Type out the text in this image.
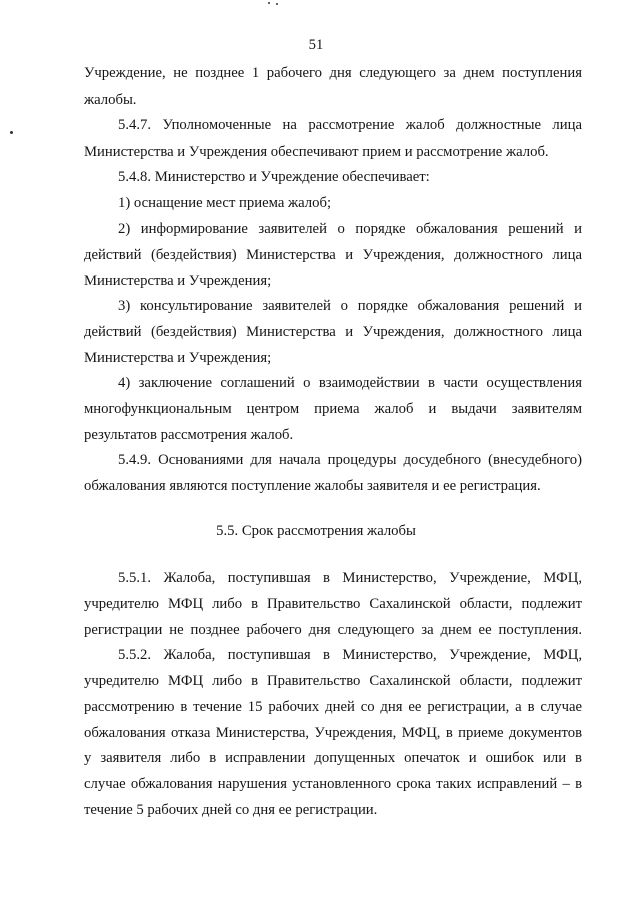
51

Учреждение, не позднее 1 рабочего дня следующего за днем поступления

жалобы.

5.4.7. Уполномоченные на рассмотрение жалоб должностные лица

Министерства и Учреждения обеспечивают прием и рассмотрение жалоб.

5.4.8. Министерство и Учреждение обеспечивает:

1) оснащение мест приема жалоб;

2) информирование заявителей о порядке обжалования решений и

действий (бездействия) Министерства и Учреждения, должностного лица

Министерства и Учреждения;

3) консультирование заявителей о порядке обжалования решений и

действий (бездействия) Министерства и Учреждения, должностного лица

Министерства и Учреждения;

4) заключение соглашений о взаимодействии в части осуществления

многофункциональным центром приема жалоб и выдачи заявителям

результатов рассмотрения жалоб.

5.4.9. Основаниями для начала процедуры досудебного (внесудебного)

обжалования являются поступление жалобы заявителя и ее регистрация.

5.5. Срок рассмотрения жалобы

5.5.1. Жалоба, поступившая в Министерство, Учреждение, МФЦ,

учредителю МФЦ либо в Правительство Сахалинской области, подлежит

регистрации не позднее рабочего дня следующего за днем ее поступления.

5.5.2. Жалоба, поступившая в Министерство, Учреждение, МФЦ,

учредителю МФЦ либо в Правительство Сахалинской области, подлежит

рассмотрению в течение 15 рабочих дней со дня ее регистрации, а в случае

обжалования отказа Министерства, Учреждения, МФЦ, в приеме документов

у заявителя либо в исправлении допущенных опечаток и ошибок или в

случае обжалования нарушения установленного срока таких исправлений – в

течение 5 рабочих дней со дня ее регистрации.
